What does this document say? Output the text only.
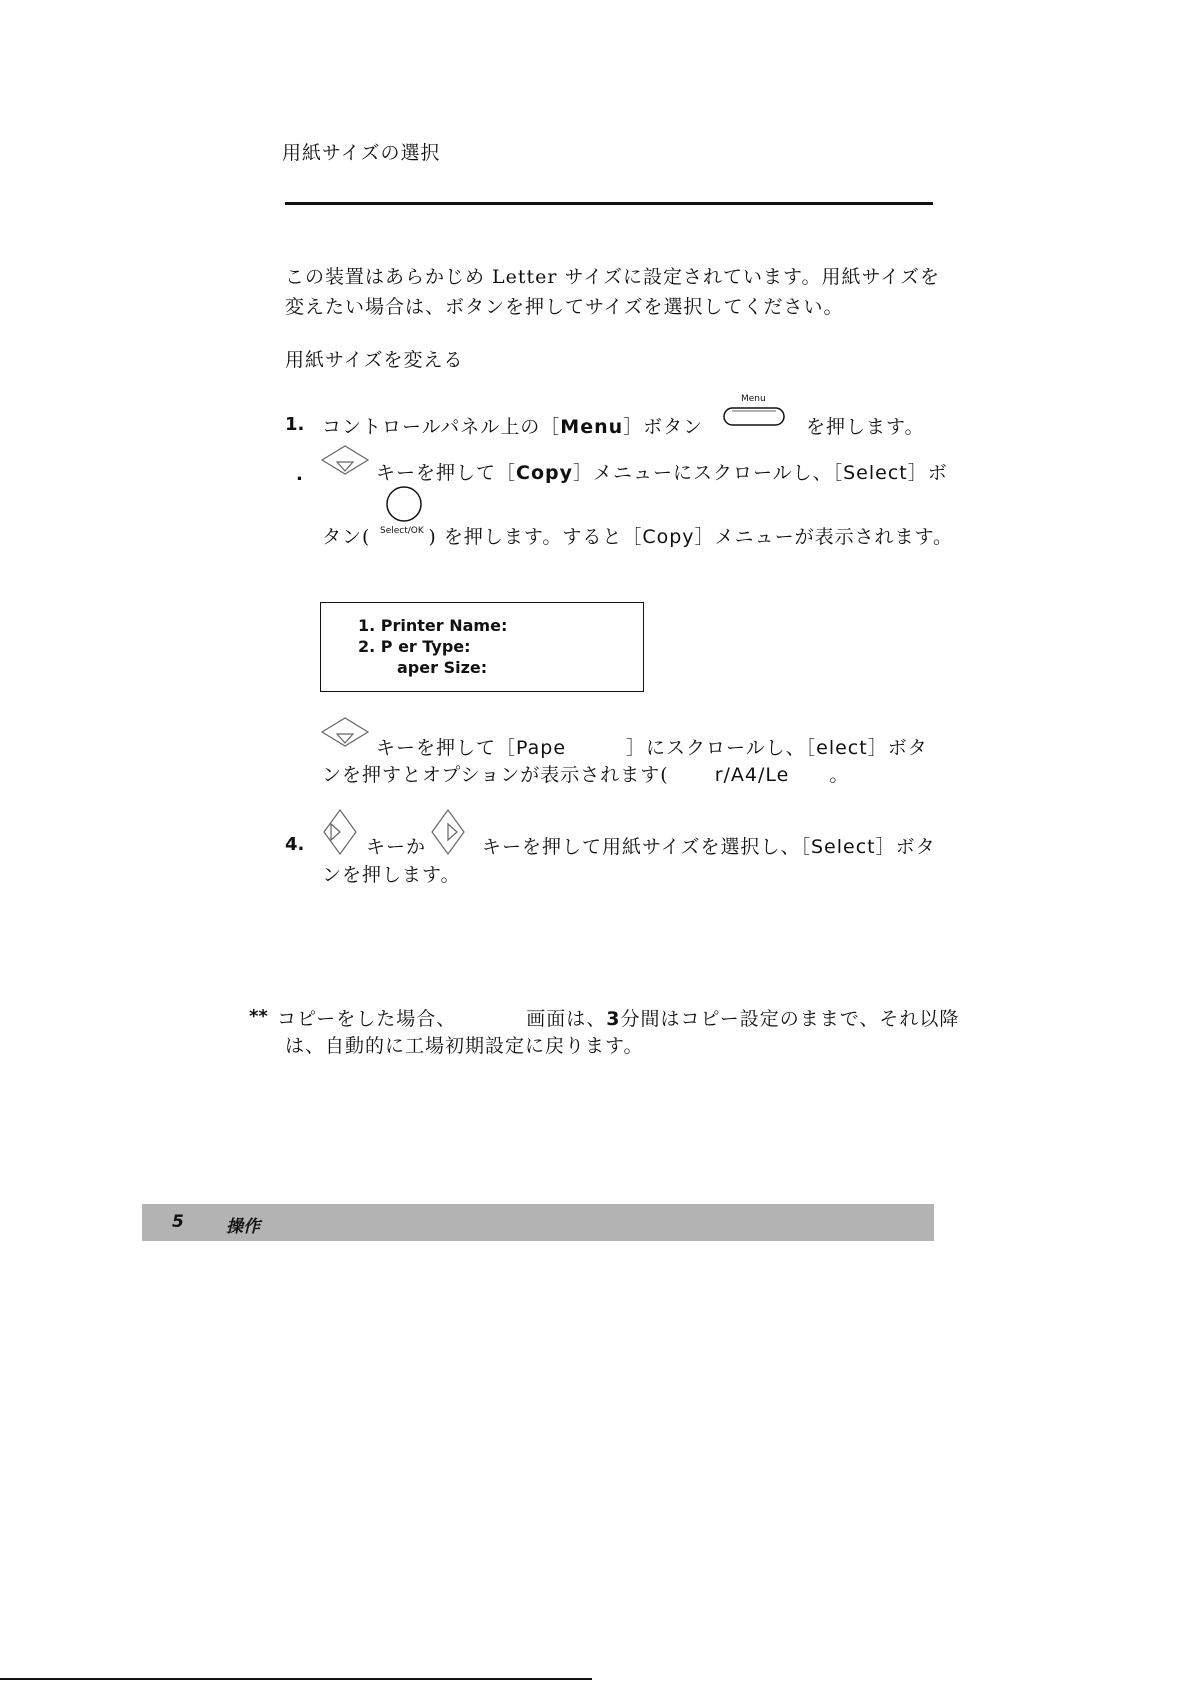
用紙サイズの選択
この装置はあらかじめ Letter サイズに設定されています。用紙サイズを
変えたい場合は、ボタンを押してサイズを選択してください。
用紙サイズを変える
1. コントロールパネル上の［Menu］ボタン
Menu
を押します。
.	キーを押して［Copy］メニューにスクロールし、［Select］ボ
タン(	) を押します。すると［Copy］メニューが表示されます。
Select/OK
1. Printer Name:
2. P er Type:
aper Size:
キーを押して［Pape	］にスクロールし、［elect］ボタ
ンを押すとオプションが表示されます( r/A4/Le 。
4.	キーか	キーを押して用紙サイズを選択し、［Select］ボタ
ンを押します。
** コピーをした場合、	画面は、3分間はコピー設定のままで、それ以降
は、自動的に工場初期設定に戻ります。
5 操作
